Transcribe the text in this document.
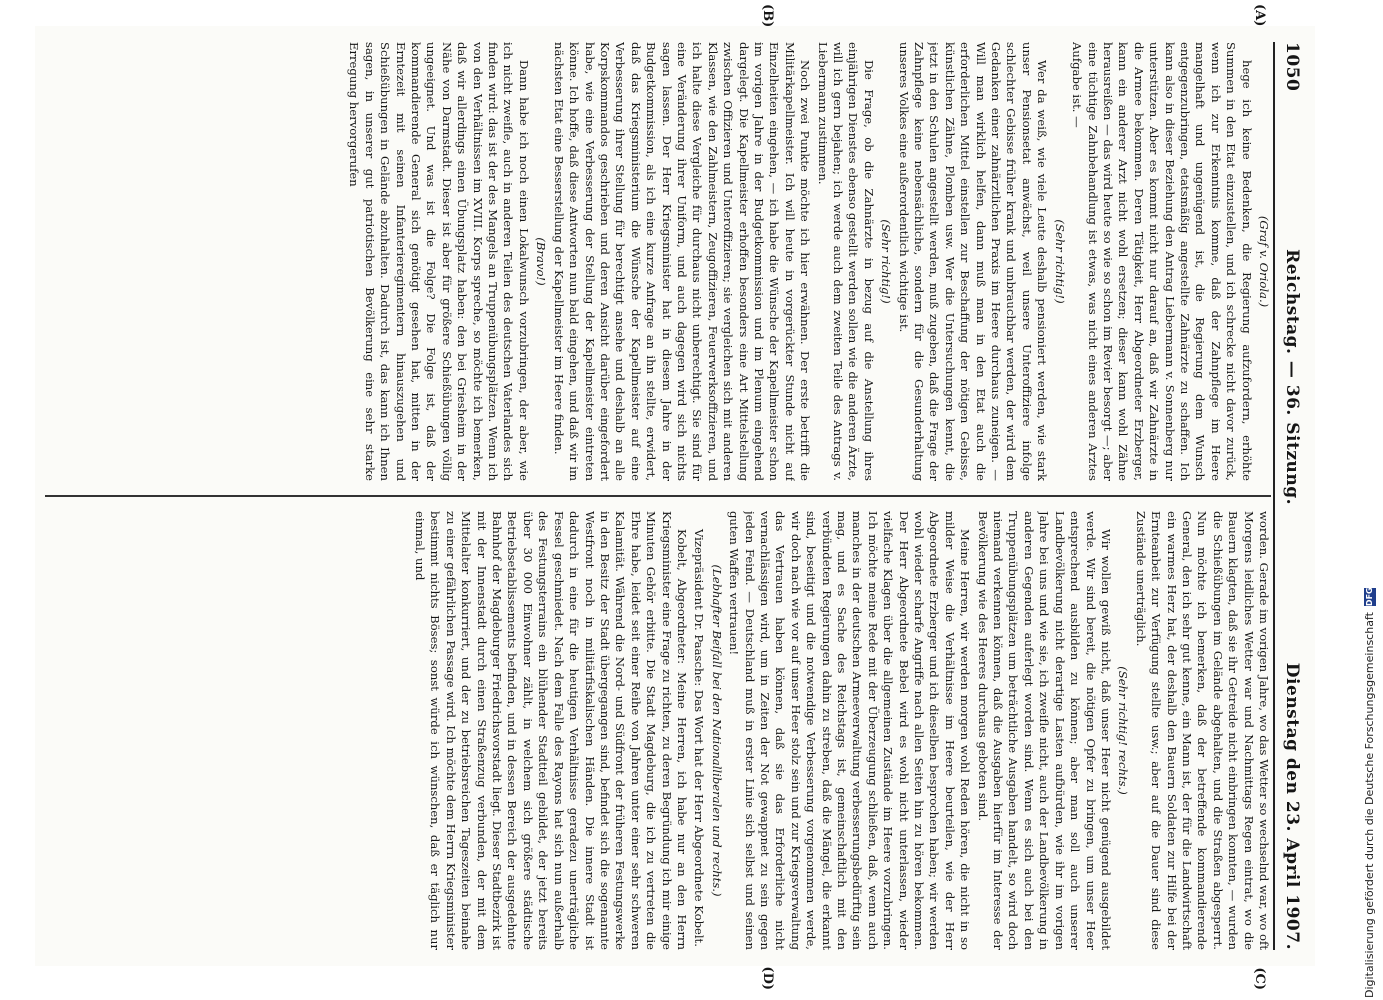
1050
Reichstag. — 36. Sitzung.
Dienstag den 23. April 1907.

(Graf v. Oriola.)

hege ich keine Bedenken, die Regierung aufzufordern, erhöhte Summen in den Etat einzustellen, und ich schrecke nicht davor zurück, wenn ich zur Erkenntnis komme, daß der Zahnpflege im Heere mangelhaft und ungenügend ist, die Regierung dem Wunsch entgegenzubringen, etatsmäßig angestellte Zahnärzte zu schaffen. Ich kann also in dieser Beziehung den Antrag Liebermann v. Sonnenberg nur unterstützen. Aber es kommt nicht nur darauf an, daß wir Zahnärzte in die Armee bekommen. Deren Tätigkeit, Herr Abgeordneter Erzberger, kann ein anderer Arzt nicht wohl ersetzen; dieser kann wohl Zähne herausreißen — das wird heute so wie so schon im Revier besorgt —; aber eine tüchtige Zahnbehandlung ist etwas, was nicht eines anderen Arztes Aufgabe ist. —

(Sehr richtig!)

Wer da weiß, wie viele Leute deshalb pensioniert werden, wie stark unser Pensionsetat anwächst, weil unsere Unteroffiziere infolge schlechter Gebisse früher krank und unbrauchbar werden, der wird dem Gedanken einer zahnärztlichen Praxis im Heere durchaus zuneigen. — Will man wirklich helfen, dann muß man in den Etat auch die erforderlichen Mittel einstellen zur Beschaffung der nötigen Gebisse, künstlichen Zähne, Plomben usw. Wer die Untersuchungen kennt, die jetzt in den Schulen angestellt werden, muß zugeben, daß die Frage der Zahnpflege keine nebensächliche, sondern für die Gesunderhaltung unseres Volkes eine außerordentlich wichtige ist.

(Sehr richtig!)

Die Frage, ob die Zahnärzte in bezug auf die Anstellung ihres einjährigen Dienstes ebenso gestellt werden sollen wie die anderen Ärzte, will ich gern bejahen; ich werde auch dem zweiten Teile des Antrags v. Liebermann zustimmen.

Noch zwei Punkte möchte ich hier erwähnen. Der erste betrifft die Militärkapellmeister. Ich will heute in vorgerückter Stunde nicht auf Einzelheiten eingehen, — ich habe die Wünsche der Kapellmeister schon im vorigen Jahre in der Budgetkommission und im Plenum eingehend dargelegt. Die Kapellmeister erhoffen besonders eine Art Mittelstellung zwischen Offizieren und Unteroffizieren; sie vergleichen sich mit anderen Klassen, wie den Zahlmeistern, Zeugoffizieren, Feuerwerksoffizieren, und ich halte diese Vergleiche für durchaus nicht unberechtigt. Sie sind für eine Veränderung ihrer Uniform, und auch dagegen wird sich nichts sagen lassen. Der Herr Kriegsminister hat in diesem Jahre in der Budgetkommission, als ich eine kurze Anfrage an ihn stellte, erwidert, daß das Kriegsministerium die Wünsche der Kapellmeister auf eine Verbesserung ihrer Stellung für berechtigt ansehe und deshalb an alle Korpskommandos geschrieben und deren Ansicht darüber eingefordert habe, wie eine Verbesserung der Stellung der Kapellmeister eintreten könne. Ich hoffe, daß diese Antworten nun bald eingehen, und daß wir im nächsten Etat eine Besserstellung der Kapellmeister im Heere finden.

(Bravo!)

Dann habe ich noch einen Lokalwunsch vorzubringen, der aber, wie ich nicht zweifle, auch in anderen Teilen des deutschen Vaterlandes sich finden wird: das ist der des Mangels an Truppenübungsplätzen. Wenn ich von den Verhältnissen im XVIII. Korps spreche, so möchte ich bemerken, daß wir allerdings einen Übungsplatz haben: den bei Griesheim in der Nähe von Darmstadt. Dieser ist aber für größere Schießübungen völlig ungeeignet. Und was ist die Folge? Die Folge ist, daß der kommandierende General sich genötigt gesehen hat, mitten in der Erntezeit mit seinen Infanterieregimentern hinauszugehen und Schießübungen in Gelände abzuhalten. Dadurch ist, das kann ich Ihnen sagen, in unserer gut patriotischen Bevölkerung eine sehr starke Erregung hervorgerufen

worden. Gerade im vorigen Jahre, wo das Wetter so wechselnd war, wo oft Morgens leidliches Wetter war und Nachmittags Regen eintrat, wo die Bauern klagten, daß sie ihr Getreide nicht einbringen konnten, — wurden die Schießübungen im Gelände abgehalten, und die Straßen abgesperrt. Nun möchte ich bemerken, daß der betreffende kommandierende General, den ich sehr gut kenne, ein Mann ist, der für die Landwirtschaft ein warmes Herz hat, der deshalb den Bauern Soldaten zur Hilfe bei der Ernteanbeit zur Verfügung stellte usw.; aber auf die Dauer sind diese Zustände unerträglich.

(Sehr richtig! rechts.)

Wir wollen gewiß nicht, daß unser Heer nicht genügend ausgebildet werde. Wir sind bereit, die nötigen Opfer zu bringen, um unser Heer entsprechend ausbilden zu können; aber man soll auch unserer Landbevölkerung nicht derartige Lasten aufbürden, wie ihr im vorigen Jahre bei uns und wie sie, ich zweifle nicht, auch der Landbevölkerung in anderen Gegenden auferlegt worden sind. Wenn es sich auch bei den Truppenübungsplätzen um beträchtliche Ausgaben handelt, so wird doch niemand verkennen können, daß die Ausgaben hierfür im Interesse der Bevölkerung wie des Heeres durchaus geboten sind.

Meine Herren, wir werden morgen wohl Reden hören, die nicht in so milder Weise die Verhältnisse im Heere beurteilen, wie der Herr Abgeordnete Erzberger und ich dieselben besprochen haben; wir werden wohl wieder scharfe Angriffe nach allen Seiten hin zu hören bekommen. Der Herr Abgeordnete Bebel wird es wohl nicht unterlassen, wieder vielfache Klagen über die allgemeinen Zustände im Heere vorzubringen. Ich möchte meine Rede mit der Überzeugung schließen, daß, wenn auch manches in der deutschen Armeeverwaltung verbesserungsbedürftig sein mag, und es Sache des Reichstags ist, gemeinschaftlich mit den verbündeten Regierungen dahin zu streben, daß die Mängel, die erkannt sind, beseitigt und die notwendige Verbesserung vorgenommen werde, wir doch nach wie vor auf unser Heer stolz sein und zur Kriegsverwaltung das Vertrauen haben können, daß sie das Erforderliche nicht vernachlässigen wird, um in Zeiten der Not gewappnet zu sein gegen jeden Feind. — Deutschland muß in erster Linie sich selbst und seinen guten Waffen vertrauen!

(Lebhafter Beifall bei den Nationalliberalen und rechts.)

Vizepräsident Dr. Paasche: Das Wort hat der Herr Abgeordnete Kobelt.

Kobelt, Abgeordneter: Meine Herren, ich habe nur an den Herrn Kriegsminister eine Frage zu richten, zu deren Begründung ich mir einige Minuten Gehör erbitte. Die Stadt Magdeburg, die ich zu vertreten die Ehre habe, leidet seit einer Reihe von Jahren unter einer sehr schweren Kalamität. Während die Nord- und Südfront der früheren Festungswerke in den Besitz der Stadt übergegangen sind, befindet sich die sogenannte Westfront noch in militärfiskalischen Händen. Die innere Stadt ist dadurch in eine für die heutigen Verhältnisse geradezu unerträgliche Fessel geschmiedet. Nach dem Falle des Rayons hat sich nun außerhalb des Festungsterrains ein blühender Stadtteil gebildet, der jetzt bereits über 30 000 Einwohner zählt, in welchem sich größere städtische Betriebsetablissements befinden, und in dessen Bereich der ausgedehnte Bahnhof der Magdeburger Friedrichsvorstadt liegt. Dieser Stadtbezirk ist mit der Innenstadt durch einen Straßenzug verbunden, der mit dem Mittelalter konkurriert, und der zu betriebsreichen Tageszeiten beinahe zu einer gefährlichen Passage wird. Ich möchte dem Herrn Kriegsminister bestimmt nichts Böses; sonst würde ich wünschen, daß er täglich nur einmal, und

(A)
(B)
(C)
(D)	Digitalisierung gefördert durch die Deutsche Forschungsgemeinschaft
DFG
